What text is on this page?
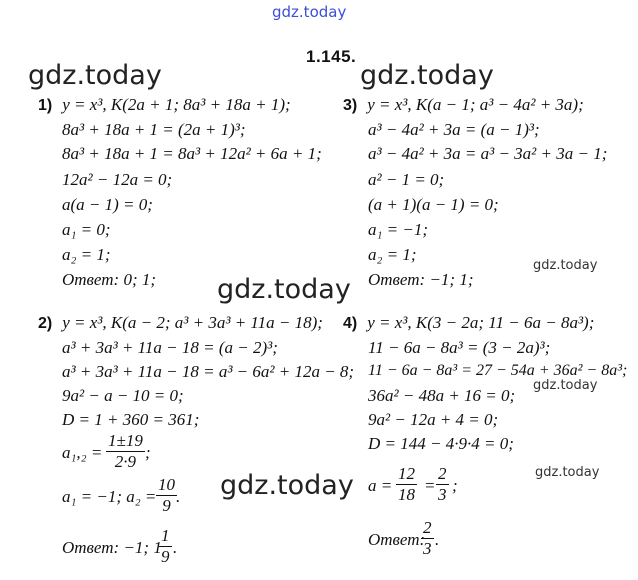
gdz.today
gdz.today	gdz.today
gdz.today
gdz.today
gdz.today
gdz.today
gdz.today
1.145.
1) y = x³, K(2a + 1; 8a³ + 18a + 1);
8a³ + 18a + 1 = (2a + 1)³;
8a³ + 18a + 1 = 8a³ + 12a² + 6a + 1;
12a² − 12a = 0;
a(a − 1) = 0;
a₁ = 0;
a₂ = 1;
Ответ: 0; 1;
3) y = x³, K(a − 1; a³ − 4a² + 3a);
a³ − 4a² + 3a = (a − 1)³;
a³ − 4a² + 3a = a³ − 3a² + 3a − 1;
a² − 1 = 0;
(a + 1)(a − 1) = 0;
a₁ = −1;
a₂ = 1;
Ответ: −1; 1;
2) y = x³, K(a − 2; a³ + 3a³ + 11a − 18);
a³ + 3a³ + 11a − 18 = (a − 2)³;
a³ + 3a³ + 11a − 18 = a³ − 6a² + 12a − 8;
9a² − a − 10 = 0;
D = 1 + 360 = 361;
$a_1,_2 = \frac{1\pm 19}{2\cdot 9}$ ;
a₁ = −1; $a_2 = \frac{10}{9}$ .
Ответ: −1; 1
$\frac{1}{9}$ .
4) y = x³, K(3 − 2a; 11 − 6a − 8a³);
11 − 6a − 8a³ = (3 − 2a)³;
11 − 6a − 8a³ = 27 − 54a + 36a² − 8a³;
36a² − 48a + 16 = 0;
9a² − 12a + 4 = 0;
D = 144 − 4·9·4 = 0;
$a = \frac{12}{18} = \frac{2}{3}$ ;
Ответ:
$\frac{2}{3}$ .
